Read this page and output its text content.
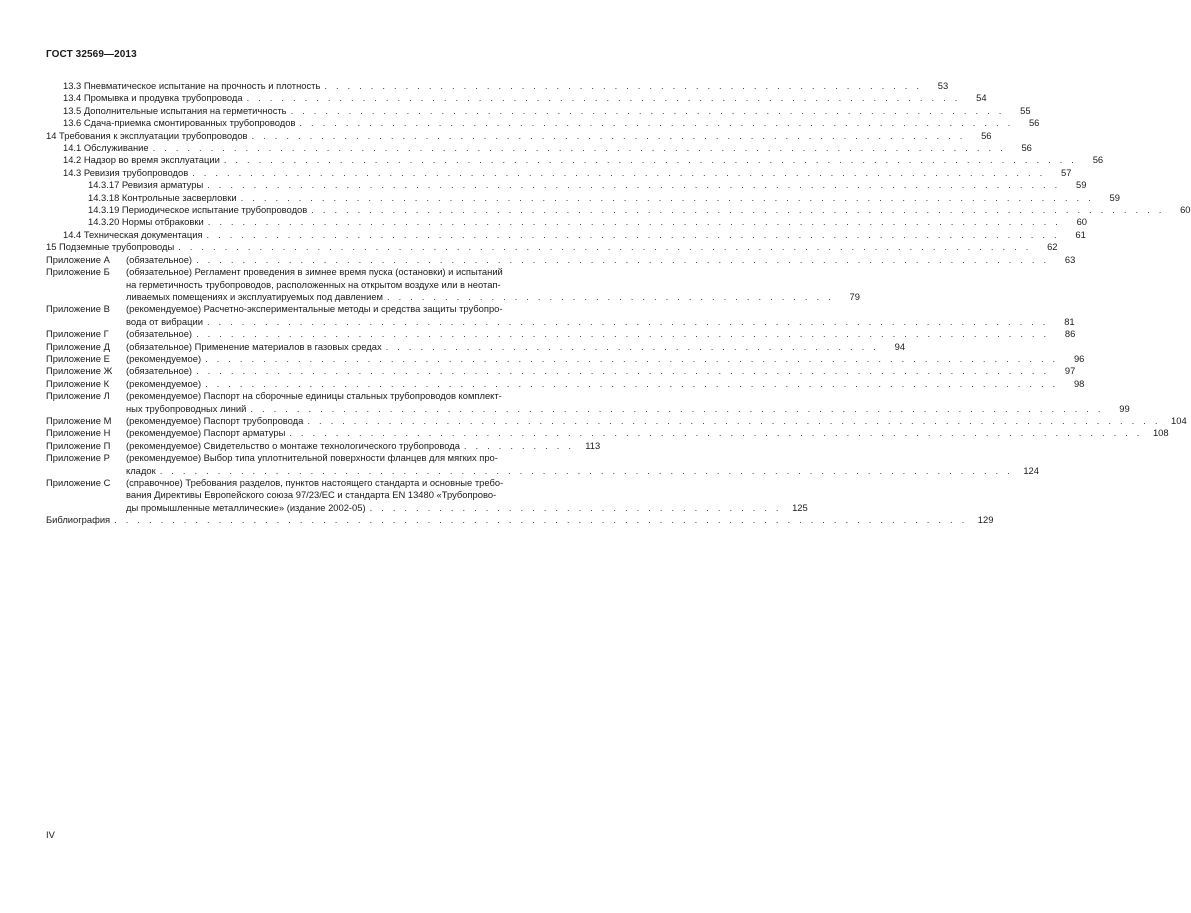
ГОСТ 32569—2013
13.3 Пневматическое испытание на прочность и плотность . . . . . . . . . . . . . . . . . . . . . . . . . . . . . . . . . . . . . . . . . . . . . . . . . . . .	53
13.4 Промывка и продувка трубопровода . . . . . . . . . . . . . . . . . . . . . . . . . . . . . . . . . . . . . . . . . . . . . . . . . . . . . . . . . . . . . .	54
13.5 Дополнительные испытания на герметичность . . . . . . . . . . . . . . . . . . . . . . . . . . . . . . . . . . . . . . . . . . . . . . . . . . . . . . . . . . . . . .	55
13.6 Сдача-приемка смонтированных трубопроводов . . . . . . . . . . . . . . . . . . . . . . . . . . . . . . . . . . . . . . . . . . . . . . . . . . . . . . . . . . . . . .	56
14 Требования к эксплуатации трубопроводов . . . . . . . . . . . . . . . . . . . . . . . . . . . . . . . . . . . . . . . . . . . . . . . . . . . . . . . . . . . . . .	56
14.1 Обслуживание . . . . . . . . . . . . . . . . . . . . . . . . . . . . . . . . . . . . . . . . . . . . . . . . . . . . . . . . . . . . . . . . . . . . . . . . . .	56
14.2 Надзор во время эксплуатации . . . . . . . . . . . . . . . . . . . . . . . . . . . . . . . . . . . . . . . . . . . . . . . . . . . . . . . . . . . . . . . . . . . . . . . . . .	56
14.3 Ревизия трубопроводов . . . . . . . . . . . . . . . . . . . . . . . . . . . . . . . . . . . . . . . . . . . . . . . . . . . . . . . . . . . . . . . . . . . . . . . . . .	57
14.3.17 Ревизия арматуры . . . . . . . . . . . . . . . . . . . . . . . . . . . . . . . . . . . . . . . . . . . . . . . . . . . . . . . . . . . . . . . . . . . . . . . . . .	59
14.3.18 Контрольные засверловки . . . . . . . . . . . . . . . . . . . . . . . . . . . . . . . . . . . . . . . . . . . . . . . . . . . . . . . . . . . . . . . . . . . . . . . . . .	59
14.3.19 Периодическое испытание трубопроводов . . . . . . . . . . . . . . . . . . . . . . . . . . . . . . . . . . . . . . . . . . . . . . . . . . . . . . . . . . . . . . . . . . . . . . . . . .	60
14.3.20 Нормы отбраковки . . . . . . . . . . . . . . . . . . . . . . . . . . . . . . . . . . . . . . . . . . . . . . . . . . . . . . . . . . . . . . . . . . . . . . . . . .	60
14.4 Техническая документация . . . . . . . . . . . . . . . . . . . . . . . . . . . . . . . . . . . . . . . . . . . . . . . . . . . . . . . . . . . . . . . . . . . . . . . . . .	61
15 Подземные трубопроводы . . . . . . . . . . . . . . . . . . . . . . . . . . . . . . . . . . . . . . . . . . . . . . . . . . . . . . . . . . . . . . . . . . . . . . . . . .	62
Приложение А	(обязательное) . . . . . . . . . . . . . . . . . . . . . . . . . . . . . . . . . . . . . . . . . . . . . . . . . . . . . . . . . . . . . . . . . . . . . . . . . .	63
Приложение Б	(обязательное) Регламент проведения в зимнее время пуска (остановки) и испытаний
на герметичность трубопроводов, расположенных на открытом воздухе или в неотап-
ливаемых помещениях и эксплуатируемых под давлением . . . . . . . . . . . . . . . . . . . . . . . . . . . . . . . . . . . . . . .	79
Приложение В	(рекомендуемое) Расчетно-экспериментальные методы и средства защиты трубопро-
вода от вибрации . . . . . . . . . . . . . . . . . . . . . . . . . . . . . . . . . . . . . . . . . . . . . . . . . . . . . . . . . . . . . . . . . . . . . . . . .	81
Приложение Г	(обязательное) . . . . . . . . . . . . . . . . . . . . . . . . . . . . . . . . . . . . . . . . . . . . . . . . . . . . . . . . . . . . . . . . . . . . . . . . . .	86
Приложение Д	(обязательное) Применение материалов в газовых средах . . . . . . . . . . . . . . . . . . . . . . . . . . . . . . . . . . . . . . . . . . .	94
Приложение Е	(рекомендуемое) . . . . . . . . . . . . . . . . . . . . . . . . . . . . . . . . . . . . . . . . . . . . . . . . . . . . . . . . . . . . . . . . . . . . . . . . . .	96
Приложение Ж	(обязательное) . . . . . . . . . . . . . . . . . . . . . . . . . . . . . . . . . . . . . . . . . . . . . . . . . . . . . . . . . . . . . . . . . . . . . . . . . .	97
Приложение К	(рекомендуемое) . . . . . . . . . . . . . . . . . . . . . . . . . . . . . . . . . . . . . . . . . . . . . . . . . . . . . . . . . . . . . . . . . . . . . . . . . .	98
Приложение Л	(рекомендуемое) Паспорт на сборочные единицы стальных трубопроводов комплект-
ных трубопроводных линий . . . . . . . . . . . . . . . . . . . . . . . . . . . . . . . . . . . . . . . . . . . . . . . . . . . . . . . . . . . . . . . . . . . . . . . . . .	99
Приложение М	(рекомендуемое) Паспорт трубопровода . . . . . . . . . . . . . . . . . . . . . . . . . . . . . . . . . . . . . . . . . . . . . . . . . . . . . . . . . . . . . . . . . . . . . . . . . .	104
Приложение Н	(рекомендуемое) Паспорт арматуры . . . . . . . . . . . . . . . . . . . . . . . . . . . . . . . . . . . . . . . . . . . . . . . . . . . . . . . . . . . . . . . . . . . . . . . . . .	108
Приложение П	(рекомендуемое) Свидетельство о монтаже технологического трубопровода . . . . . . . . . .	113
Приложение Р	(рекомендуемое) Выбор типа уплотнительной поверхности фланцев для мягких про-
кладок . . . . . . . . . . . . . . . . . . . . . . . . . . . . . . . . . . . . . . . . . . . . . . . . . . . . . . . . . . . . . . . . . . . . . . . . . .	124
Приложение С	(справочное) Требования разделов, пунктов настоящего стандарта и основные требо-
вания Директивы Европейского союза 97/23/ЕС и стандарта EN 13480 «Трубопрово-
ды промышленные металлические» (издание 2002-05) . . . . . . . . . . . . . . . . . . . . . . . . . . . . . . . . . . . .	125
Библиография . . . . . . . . . . . . . . . . . . . . . . . . . . . . . . . . . . . . . . . . . . . . . . . . . . . . . . . . . . . . . . . . . . . . . . . . . .	129
IV
